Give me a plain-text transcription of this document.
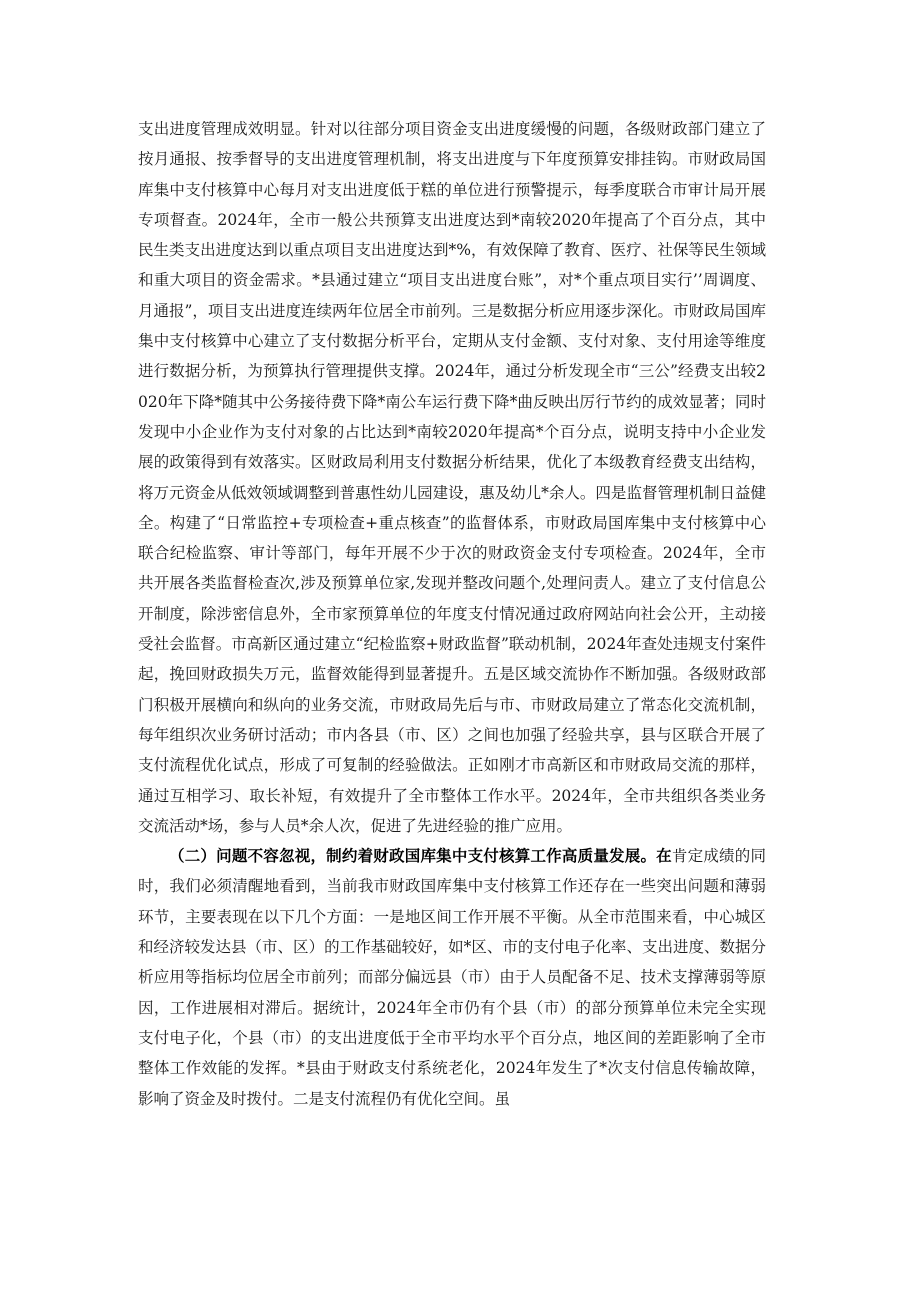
支出进度管理成效明显。针对以往部分项目资金支出进度缓慢的问题，各级财政部门建立了按月通报、按季督导的支出进度管理机制，将支出进度与下年度预算安排挂钩。市财政局国库集中支付核算中心每月对支出进度低于糕的单位进行预警提示，每季度联合市审计局开展专项督查。2024年，全市一般公共预算支出进度达到*南较2020年提高了个百分点，其中民生类支出进度达到以重点项目支出进度达到*%，有效保障了教育、医疗、社保等民生领域和重大项目的资金需求。*县通过建立“项目支出进度台账”，对*个重点项目实行’’周调度、月通报”，项目支出进度连续两年位居全市前列。三是数据分析应用逐步深化。市财政局国库集中支付核算中心建立了支付数据分析平台，定期从支付金额、支付对象、支付用途等维度进行数据分析，为预算执行管理提供支撑。2024年，通过分析发现全市“三公”经费支出较2020年下降*随其中公务接待费下降*南公车运行费下降*曲反映出厉行节约的成效显著；同时发现中小企业作为支付对象的占比达到*南较2020年提高*个百分点，说明支持中小企业发展的政策得到有效落实。区财政局利用支付数据分析结果，优化了本级教育经费支出结构，将万元资金从低效领域调整到普惠性幼儿园建设，惠及幼儿*余人。四是监督管理机制日益健全。构建了“日常监控+专项检查+重点核查”的监督体系，市财政局国库集中支付核算中心联合纪检监察、审计等部门，每年开展不少于次的财政资金支付专项检查。2024年，全市共开展各类监督检查次,涉及预算单位家,发现并整改问题个,处理问责人。建立了支付信息公开制度，除涉密信息外，全市家预算单位的年度支付情况通过政府网站向社会公开，主动接受社会监督。市高新区通过建立“纪检监察+财政监督”联动机制，2024年查处违规支付案件起，挽回财政损失万元，监督效能得到显著提升。五是区域交流协作不断加强。各级财政部门积极开展横向和纵向的业务交流，市财政局先后与市、市财政局建立了常态化交流机制，每年组织次业务研讨活动；市内各县（市、区）之间也加强了经验共享，县与区联合开展了支付流程优化试点，形成了可复制的经验做法。正如刚才市高新区和市财政局交流的那样，通过互相学习、取长补短，有效提升了全市整体工作水平。2024年，全市共组织各类业务交流活动*场，参与人员*余人次，促进了先进经验的推广应用。

（二）问题不容忽视，制约着财政国库集中支付核算工作高质量发展。在肯定成绩的同时，我们必须清醒地看到，当前我市财政国库集中支付核算工作还存在一些突出问题和薄弱环节，主要表现在以下几个方面：一是地区间工作开展不平衡。从全市范围来看，中心城区和经济较发达县（市、区）的工作基础较好，如*区、市的支付电子化率、支出进度、数据分析应用等指标均位居全市前列；而部分偏远县（市）由于人员配备不足、技术支撑薄弱等原因，工作进展相对滞后。据统计，2024年全市仍有个县（市）的部分预算单位未完全实现支付电子化，个县（市）的支出进度低于全市平均水平个百分点，地区间的差距影响了全市整体工作效能的发挥。*县由于财政支付系统老化，2024年发生了*次支付信息传输故障，影响了资金及时拨付。二是支付流程仍有优化空间。虽
